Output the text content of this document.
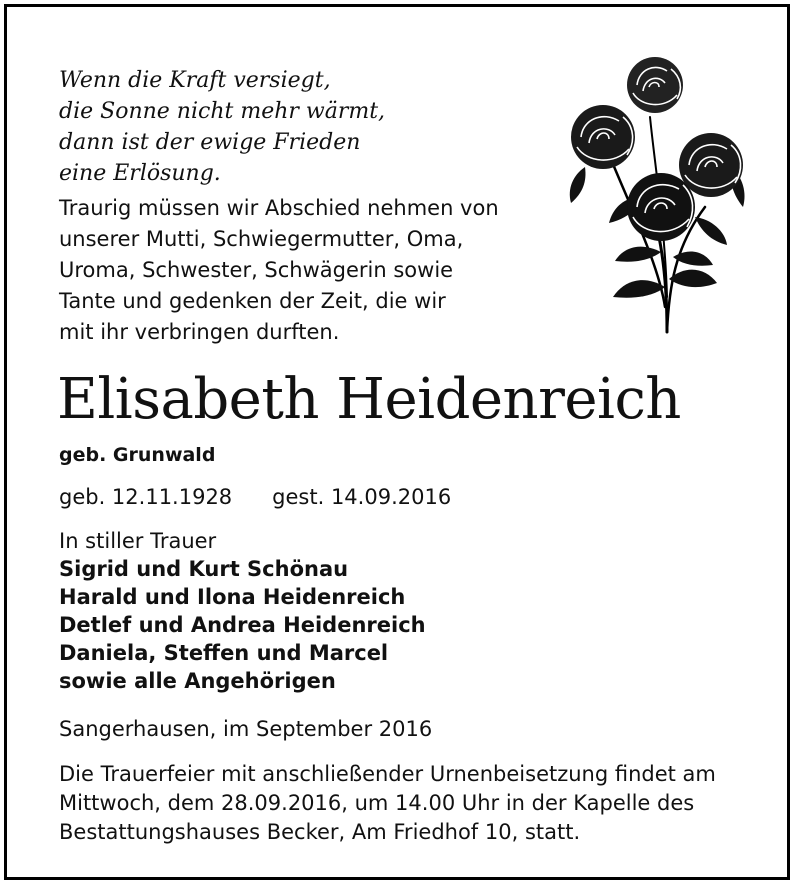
Wenn die Kraft versiegt,
die Sonne nicht mehr wärmt,
dann ist der ewige Frieden
eine Erlösung.
Traurig müssen wir Abschied nehmen von
unserer Mutti, Schwiegermutter, Oma,
Uroma, Schwester, Schwägerin sowie
Tante und gedenken der Zeit, die wir
mit ihr verbringen durften.
Elisabeth Heidenreich
geb. Grunwald
geb. 12.11.1928 gest. 14.09.2016
In stiller Trauer
Sigrid und Kurt Schönau
Harald und Ilona Heidenreich
Detlef und Andrea Heidenreich
Daniela, Steffen und Marcel
sowie alle Angehörigen
Sangerhausen, im September 2016
Die Trauerfeier mit anschließender Urnenbeisetzung findet am
Mittwoch, dem 28.09.2016, um 14.00 Uhr in der Kapelle des
Bestattungshauses Becker, Am Friedhof 10, statt.
